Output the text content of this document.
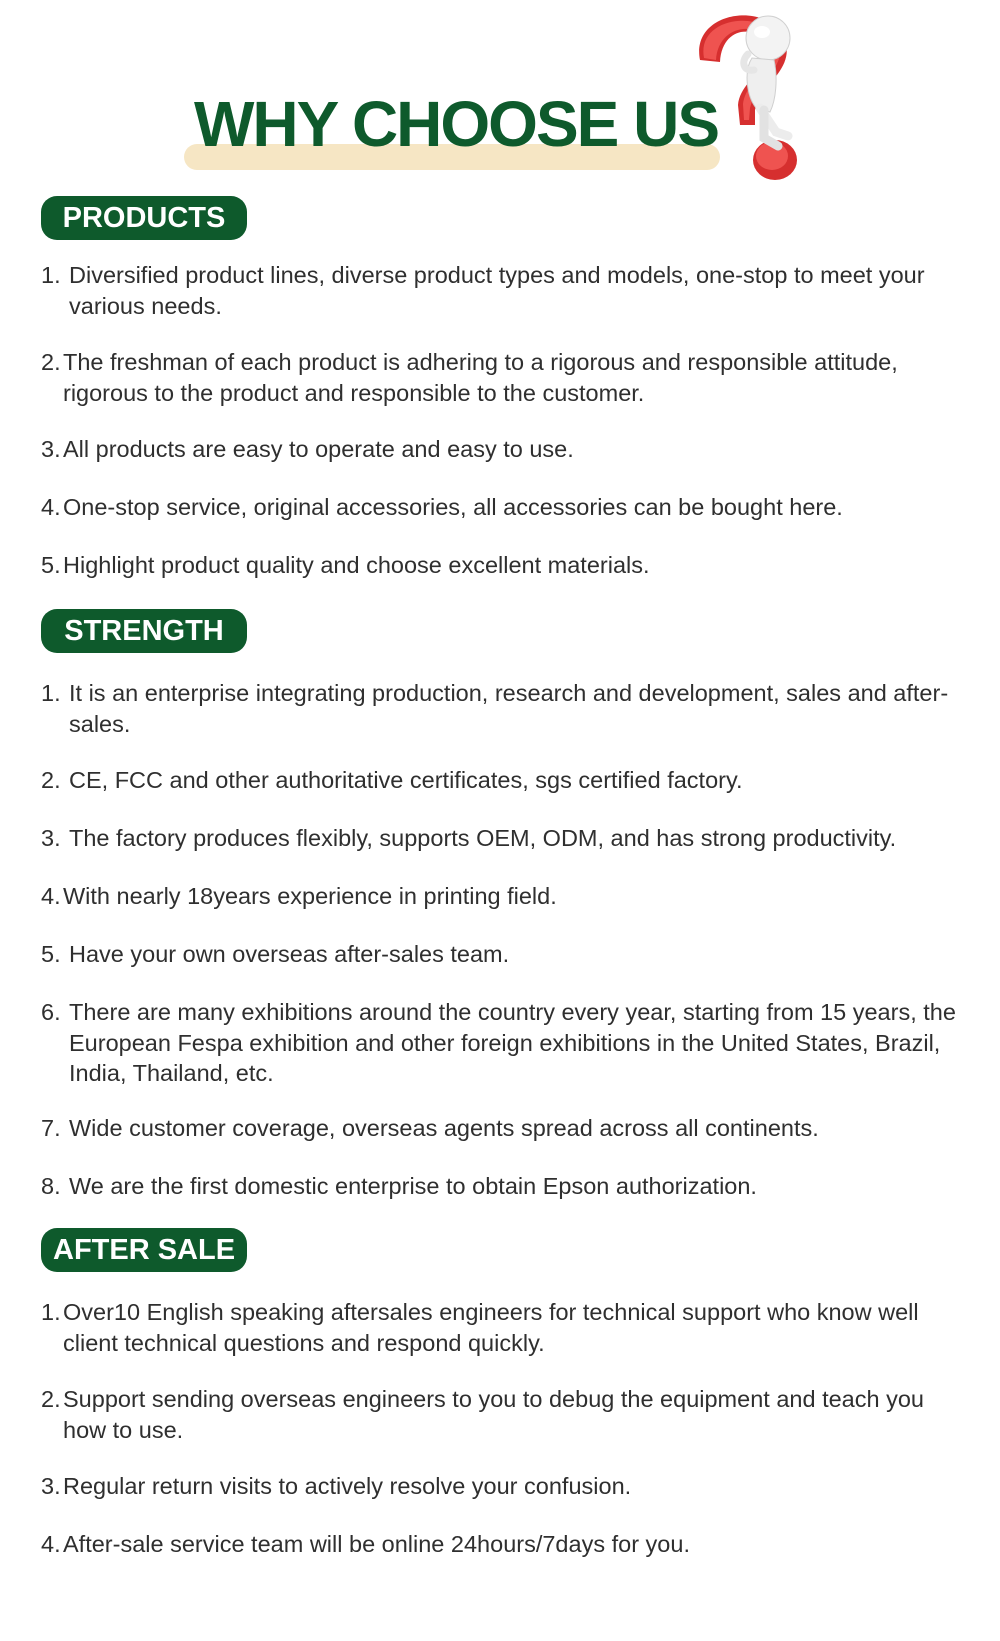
WHY CHOOSE US
PRODUCTS

1. Diversified product lines, diverse product types and models, one-stop to meet your various needs.

2. The freshman of each product is adhering to a rigorous and responsible attitude, rigorous to the product and responsible to the customer.

3. All products are easy to operate and easy to use.

4. One-stop service, original accessories, all accessories can be bought here.

5. Highlight product quality and choose excellent materials.

STRENGTH

1. It is an enterprise integrating production, research and development, sales and after-sales.

2. CE, FCC and other authoritative certificates, sgs certified factory.

3. The factory produces flexibly, supports OEM, ODM, and has strong productivity.

4. With nearly 18years experience in printing field.

5. Have your own overseas after-sales team.

6. There are many exhibitions around the country every year, starting from 15 years, the European Fespa exhibition and other foreign exhibitions in the United States, Brazil, India, Thailand, etc.

7. Wide customer coverage, overseas agents spread across all continents.

8. We are the first domestic enterprise to obtain Epson authorization.

AFTER SALE

1. Over10 English speaking aftersales engineers for technical support who know well client technical questions and respond quickly.

2. Support sending overseas engineers to you to debug the equipment and teach you how to use.

3. Regular return visits to actively resolve your confusion.

4. After-sale service team will be online 24hours/7days for you.
